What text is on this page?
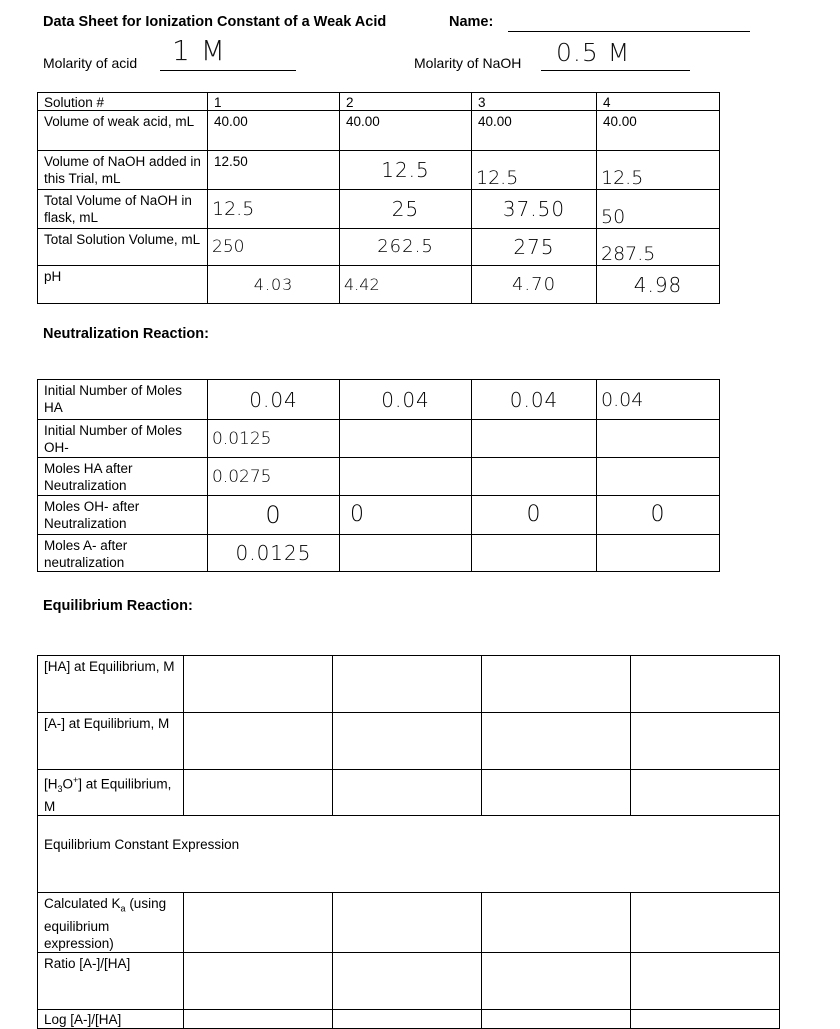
Data Sheet for Ionization Constant of a Weak Acid	Name:
Molarity of acid 1 M	Molarity of NaOH 0.5 M
Solution #	1	2	3	4
Volume of weak acid, mL	40.00	40.00	40.00	40.00
Volume of NaOH added in this Trial, mL	12.50	12.5	12.5	12.5
Total Volume of NaOH in flask, mL	12.5	25	37.50	50
Total Solution Volume, mL	250	262.5	275	287.5
pH	4.03	4.42	4.70	4.98
Neutralization Reaction:
Initial Number of Moles HA	0.04	0.04	0.04	0.04
Initial Number of Moles OH-	0.0125			
Moles HA after Neutralization	0.0275			
Moles OH- after Neutralization	0	0	0	0
Moles A- after neutralization	0.0125			
Equilibrium Reaction:
[HA] at Equilibrium, M				
[A-] at Equilibrium, M				
$[H_3O^+]$ at Equilibrium, M				
Equilibrium Constant Expression				
Calculated $K_a$ (using equilibrium expression)				
Ratio [A-]/[HA]				
Log [A-]/[HA]				
